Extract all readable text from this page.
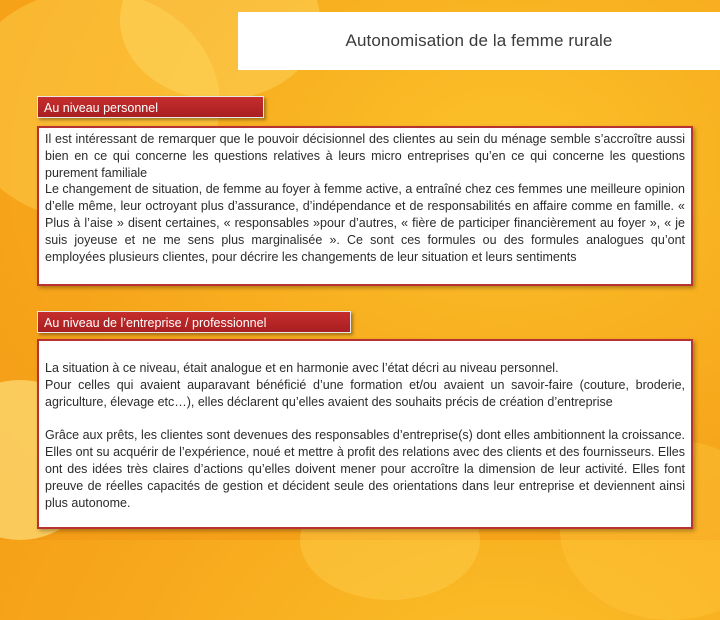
Autonomisation de la femme rurale
Au niveau personnel

Il est intéressant de remarquer que le pouvoir décisionnel des clientes au sein du ménage semble s’accroître aussi bien en ce qui concerne les questions relatives à leurs micro entreprises qu’en ce qui concerne les questions purement familiale

Le changement de situation, de femme au foyer à femme active, a entraîné chez ces femmes une meilleure opinion d’elle même, leur octroyant plus d’assurance, d’indépendance et de responsabilités en affaire comme en famille. « Plus à l’aise » disent certaines, « responsables »pour d’autres, « fière de participer financièrement au foyer », « je suis joyeuse et ne me sens plus marginalisée ». Ce sont ces formules ou des formules analogues qu’ont employées plusieurs clientes, pour décrire les changements de leur situation et leurs sentiments

Au niveau de l’entreprise / professionnel

La situation à ce niveau, était analogue et en harmonie avec l’état décri au niveau personnel.

Pour celles qui avaient auparavant bénéficié d’une formation et/ou avaient un savoir-faire (couture, broderie, agriculture, élevage etc…), elles déclarent qu’elles avaient des souhaits précis de création d’entreprise

Grâce aux prêts, les clientes sont devenues des responsables d’entreprise(s) dont elles ambitionnent la croissance. Elles ont su acquérir de l’expérience, noué et mettre à profit des relations avec des clients et des fournisseurs. Elles ont des idées très claires d’actions qu’elles doivent mener pour accroître la dimension de leur activité. Elles font preuve de réelles capacités de gestion et décident seule des orientations dans leur entreprise et deviennent ainsi plus autonome.
